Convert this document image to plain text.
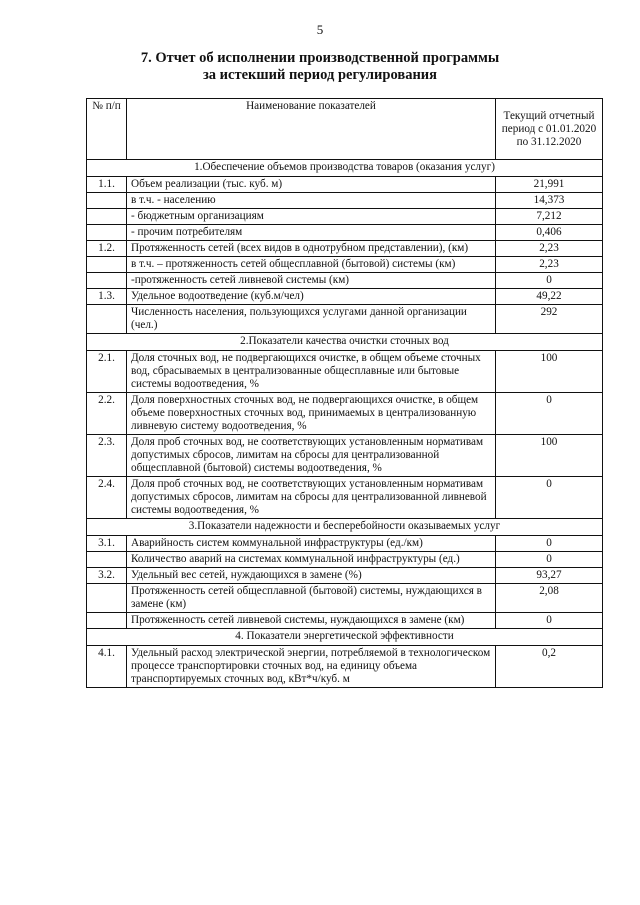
5
7. Отчет об исполнении производственной программы
за истекший период регулирования
№ п/п	Наименование показателей	Текущий отчетный период с 01.01.2020 по 31.12.2020
1.Обеспечение объемов производства товаров (оказания услуг)		
1.1.	Объем реализации (тыс. куб. м)	21,991
	в т.ч. - населению	14,373
	- бюджетным организациям	7,212
	- прочим потребителям	0,406
1.2.	Протяженность сетей (всех видов в однотрубном представлении), (км)	2,23
	в т.ч. – протяженность сетей общесплавной (бытовой) системы (км)	2,23
	-протяженность сетей ливневой системы (км)	0
1.3.	Удельное водоотведение (куб.м/чел)	49,22
	Численность населения, пользующихся услугами данной организации (чел.)	292
2.Показатели качества очистки сточных вод		
2.1.	Доля сточных вод, не подвергающихся очистке, в общем объеме сточных вод, сбрасываемых в централизованные общесплавные или бытовые системы водоотведения, %	100
2.2.	Доля поверхностных сточных вод, не подвергающихся очистке, в общем объеме поверхностных сточных вод, принимаемых в централизованную ливневую систему водоотведения, %	0
2.3.	Доля проб сточных вод, не соответствующих установленным нормативам допустимых сбросов, лимитам на сбросы для централизованной общесплавной (бытовой) системы водоотведения, %	100
2.4.	Доля проб сточных вод, не соответствующих установленным нормативам допустимых сбросов, лимитам на сбросы для централизованной ливневой системы водоотведения, %	0
3.Показатели надежности и бесперебойности оказываемых услуг		
3.1.	Аварийность систем коммунальной инфраструктуры (ед./км)	0
	Количество аварий на системах коммунальной инфраструктуры (ед.)	0
3.2.	Удельный вес сетей, нуждающихся в замене (%)	93,27
	Протяженность сетей общесплавной (бытовой) системы, нуждающихся в замене (км)	2,08
	Протяженность сетей ливневой системы, нуждающихся в замене (км)	0
4. Показатели энергетической эффективности		
4.1.	Удельный расход электрической энергии, потребляемой в технологическом процессе транспортировки сточных вод, на единицу объема транспортируемых сточных вод, кВт*ч/куб. м	0,2
